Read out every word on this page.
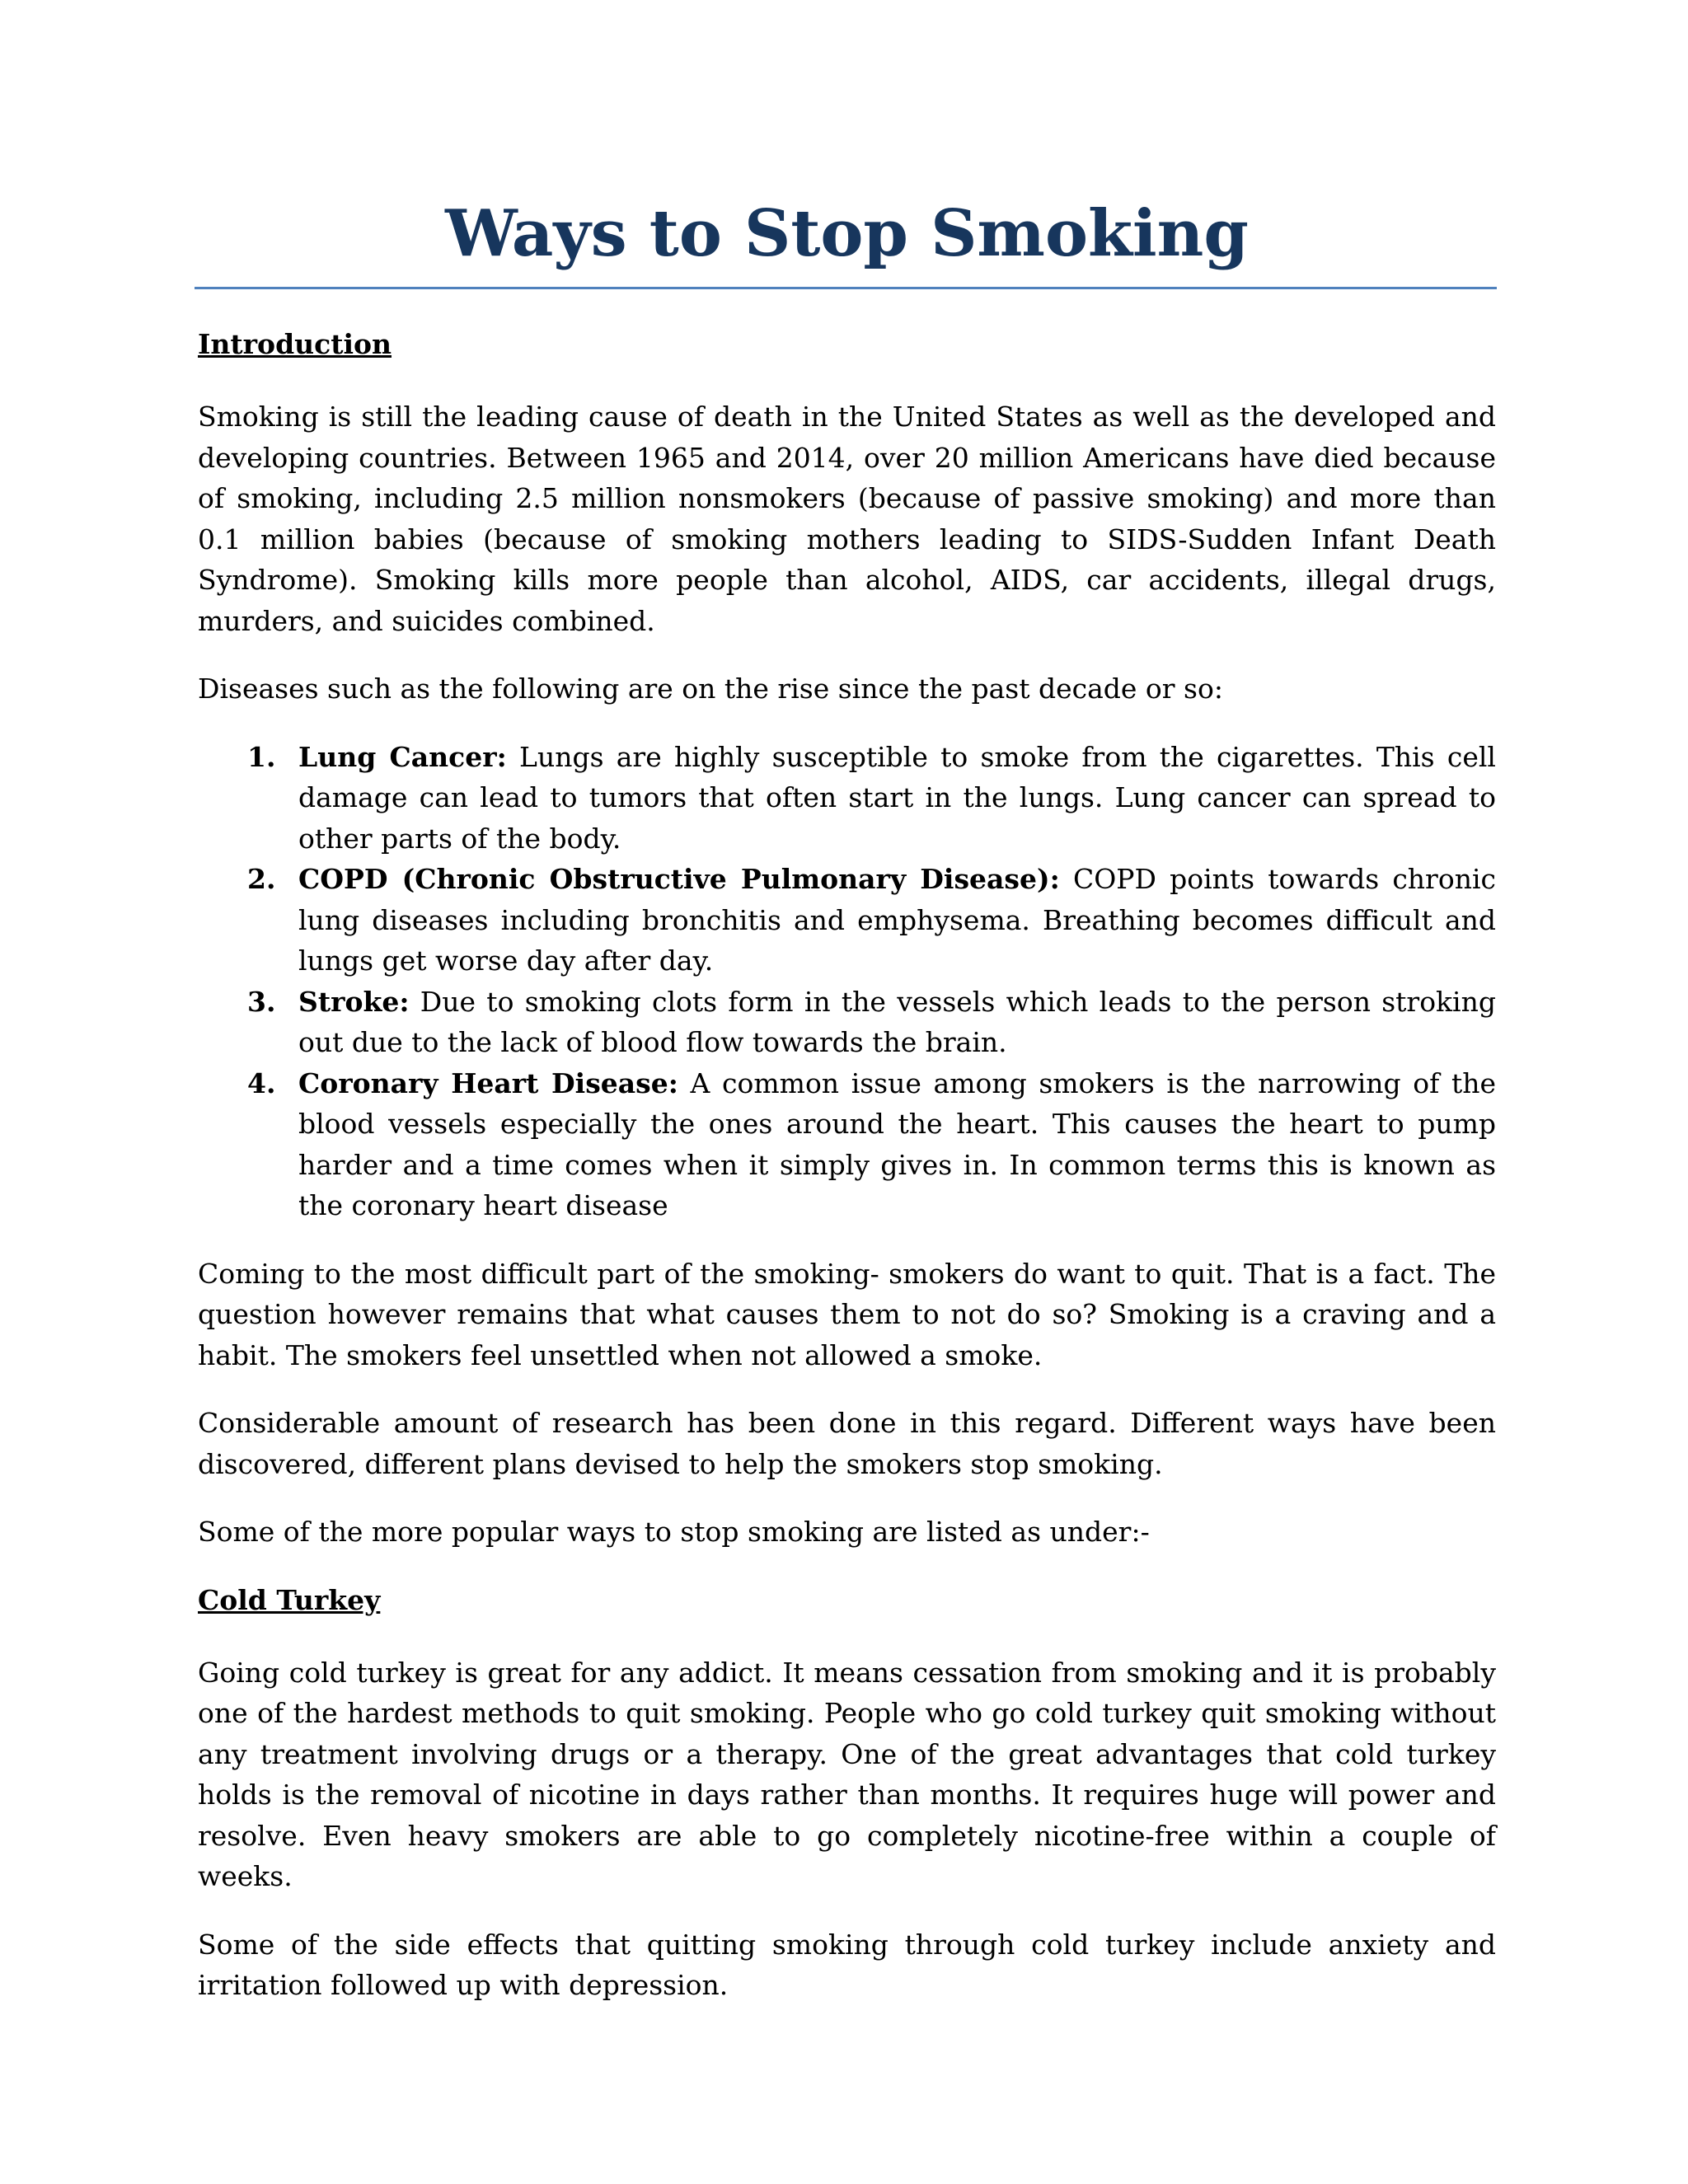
Ways to Stop Smoking

Introduction

Smoking is still the leading cause of death in the United States as well as the developed and developing countries. Between 1965 and 2014, over 20 million Americans have died because of smoking, including 2.5 million nonsmokers (because of passive smoking) and more than 0.1 million babies (because of smoking mothers leading to SIDS-Sudden Infant Death Syndrome). Smoking kills more people than alcohol, AIDS, car accidents, illegal drugs, murders, and suicides combined.

Diseases such as the following are on the rise since the past decade or so:

1. Lung Cancer: Lungs are highly susceptible to smoke from the cigarettes. This cell damage can lead to tumors that often start in the lungs. Lung cancer can spread to other parts of the body.
2. COPD (Chronic Obstructive Pulmonary Disease): COPD points towards chronic lung diseases including bronchitis and emphysema. Breathing becomes difficult and lungs get worse day after day.
3. Stroke: Due to smoking clots form in the vessels which leads to the person stroking out due to the lack of blood flow towards the brain.
4. Coronary Heart Disease: A common issue among smokers is the narrowing of the blood vessels especially the ones around the heart. This causes the heart to pump harder and a time comes when it simply gives in. In common terms this is known as the coronary heart disease

Coming to the most difficult part of the smoking- smokers do want to quit. That is a fact. The question however remains that what causes them to not do so? Smoking is a craving and a habit. The smokers feel unsettled when not allowed a smoke.

Considerable amount of research has been done in this regard. Different ways have been discovered, different plans devised to help the smokers stop smoking.

Some of the more popular ways to stop smoking are listed as under:-

Cold Turkey

Going cold turkey is great for any addict. It means cessation from smoking and it is probably one of the hardest methods to quit smoking. People who go cold turkey quit smoking without any treatment involving drugs or a therapy. One of the great advantages that cold turkey holds is the removal of nicotine in days rather than months. It requires huge will power and resolve. Even heavy smokers are able to go completely nicotine-free within a couple of weeks.

Some of the side effects that quitting smoking through cold turkey include anxiety and irritation followed up with depression.
